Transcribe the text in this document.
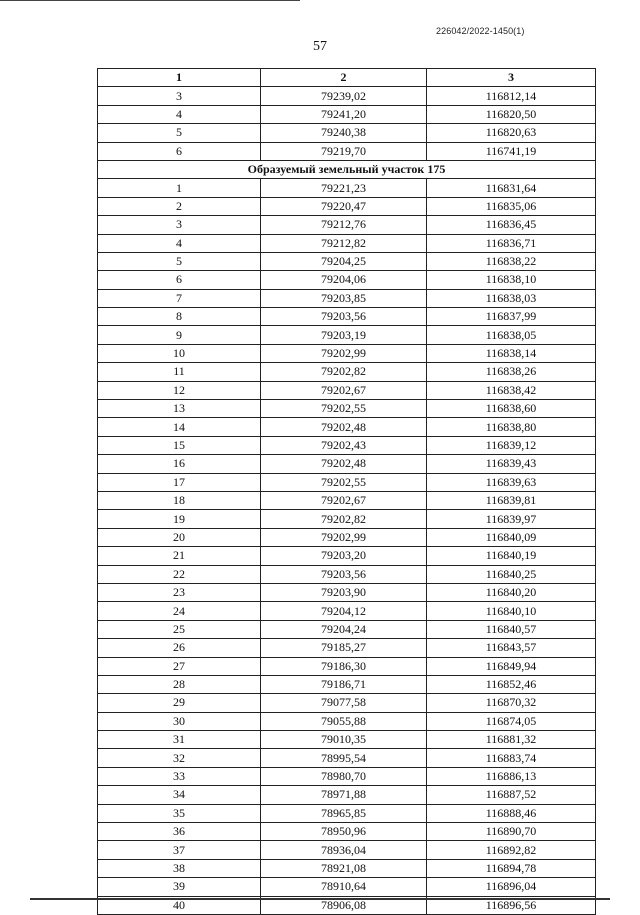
226042/2022-1450(1)
57
1	2	3
3	79239,02	116812,14
4	79241,20	116820,50
5	79240,38	116820,63
6	79219,70	116741,19
Образуемый земельный участок 175		
1	79221,23	116831,64
2	79220,47	116835,06
3	79212,76	116836,45
4	79212,82	116836,71
5	79204,25	116838,22
6	79204,06	116838,10
7	79203,85	116838,03
8	79203,56	116837,99
9	79203,19	116838,05
10	79202,99	116838,14
11	79202,82	116838,26
12	79202,67	116838,42
13	79202,55	116838,60
14	79202,48	116838,80
15	79202,43	116839,12
16	79202,48	116839,43
17	79202,55	116839,63
18	79202,67	116839,81
19	79202,82	116839,97
20	79202,99	116840,09
21	79203,20	116840,19
22	79203,56	116840,25
23	79203,90	116840,20
24	79204,12	116840,10
25	79204,24	116840,57
26	79185,27	116843,57
27	79186,30	116849,94
28	79186,71	116852,46
29	79077,58	116870,32
30	79055,88	116874,05
31	79010,35	116881,32
32	78995,54	116883,74
33	78980,70	116886,13
34	78971,88	116887,52
35	78965,85	116888,46
36	78950,96	116890,70
37	78936,04	116892,82
38	78921,08	116894,78
39	78910,64	116896,04
40	78906,08	116896,56
